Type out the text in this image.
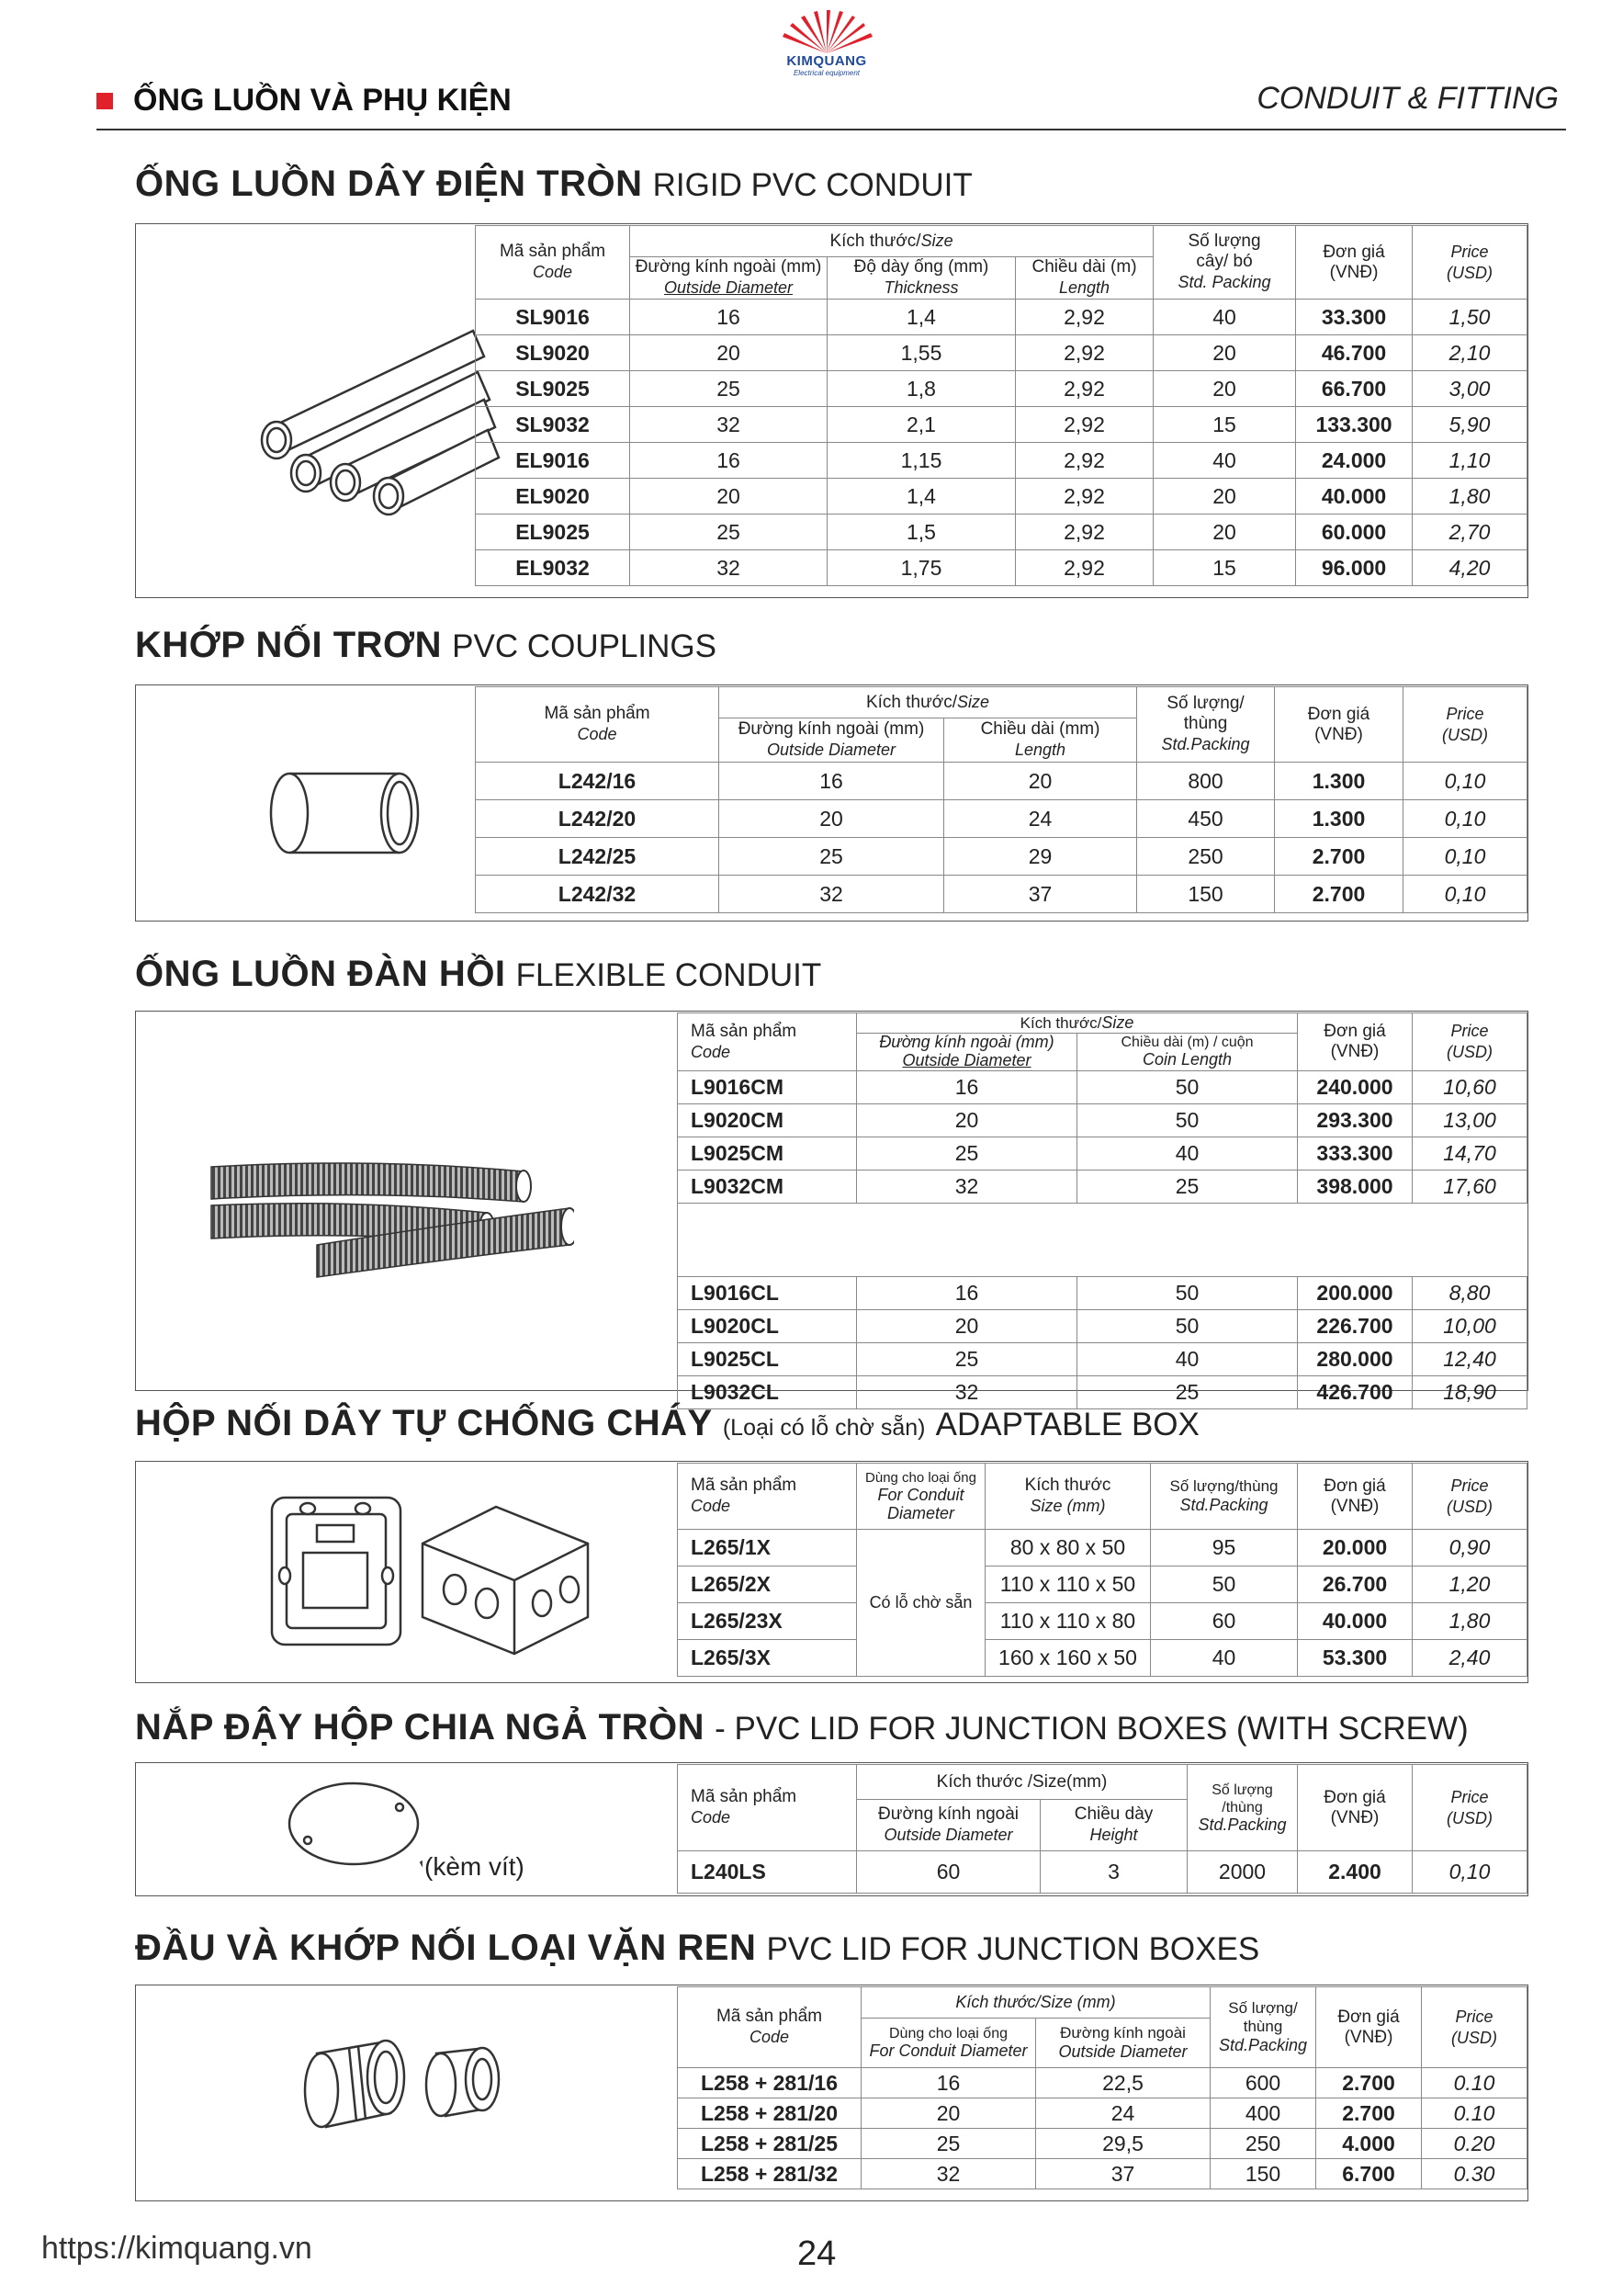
KIMQUANG
Electrical equipment
ỐNG LUỒN VÀ PHỤ KIỆN	CONDUIT & FITTING
ỐNG LUỒN DÂY ĐIỆN TRÒN RIGID PVC CONDUIT
Mã sản phẩm
Code	Kích thước/Size			Số lượng
cây/ bó
Std. Packing	Đơn giá
(VNĐ)	Price
(USD)
	Đường kính ngoài (mm)
Outside Diameter	Độ dày ống (mm)
Thickness	Chiều dài (m)
Length			
SL9016	16	1,4	2,92	40	33.300	1,50
SL9020	20	1,55	2,92	20	46.700	2,10
SL9025	25	1,8	2,92	20	66.700	3,00
SL9032	32	2,1	2,92	15	133.300	5,90
EL9016	16	1,15	2,92	40	24.000	1,10
EL9020	20	1,4	2,92	20	40.000	1,80
EL9025	25	1,5	2,92	20	60.000	2,70
EL9032	32	1,75	2,92	15	96.000	4,20
KHỚP NỐI TRƠN PVC COUPLINGS
Mã sản phẩm
Code	Kích thước/Size		Số lượng/
thùng
Std.Packing	Đơn giá
(VNĐ)	Price
(USD)
	Đường kính ngoài (mm)
Outside Diameter	Chiều dài (mm)
Length			
L242/16	16	20	800	1.300	0,10
L242/20	20	24	450	1.300	0,10
L242/25	25	29	250	2.700	0,10
L242/32	32	37	150	2.700	0,10
ỐNG LUỒN ĐÀN HỒI FLEXIBLE CONDUIT
Mã sản phẩm
Code	Kích thước/Size		Đơn giá
(VNĐ)	Price
(USD)
	Đường kính ngoài (mm)
Outside Diameter	Chiều dài (m) / cuộn
Coin Length		
L9016CM	16	50	240.000	10,60
L9020CM	20	50	293.300	13,00
L9025CM	25	40	333.300	14,70
L9032CM	32	25	398.000	17,60

L9016CL	16	50	200.000	8,80
L9020CL	20	50	226.700	10,00
L9025CL	25	40	280.000	12,40
L9032CL	32	25	426.700	18,90
HỘP NỐI DÂY TỰ CHỐNG CHÁY (Loại có lỗ chờ sẵn) ADAPTABLE BOX
Mã sản phẩm
Code	Dùng cho loại ống
For Conduit Diameter	Kích thước
Size (mm)	Số lượng/thùng
Std.Packing	Đơn giá
(VNĐ)	Price
(USD)
L265/1X	Có lỗ chờ sẵn	80 x 80 x 50	95	20.000	0,90
L265/2X		110 x 110 x 50	50	26.700	1,20
L265/23X		110 x 110 x 80	60	40.000	1,80
L265/3X		160 x 160 x 50	40	53.300	2,40
NẮP ĐẬY HỘP CHIA NGẢ TRÒN - PVC LID FOR JUNCTION BOXES (WITH SCREW)
(kèm vít)
Mã sản phẩm
Code	Kích thước /Size(mm)		Số lượng
/thùng
Std.Packing	Đơn giá
(VNĐ)	Price
(USD)
	Đường kính ngoài
Outside Diameter	Chiều dày
Height			
L240LS	60	3	2000	2.400	0,10
ĐẦU VÀ KHỚP NỐI LOẠI VẶN REN PVC LID FOR JUNCTION BOXES
Mã sản phẩm
Code	Kích thước/Size (mm)		Số lượng/
thùng
Std.Packing	Đơn giá
(VNĐ)	Price
(USD)
	Dùng cho loại ống
For Conduit Diameter	Đường kính ngoài
Outside Diameter			
L258 + 281/16	16	22,5	600	2.700	0.10
L258 + 281/20	20	24	400	2.700	0.10
L258 + 281/25	25	29,5	250	4.000	0.20
L258 + 281/32	32	37	150	6.700	0.30
https://kimquang.vn	24
